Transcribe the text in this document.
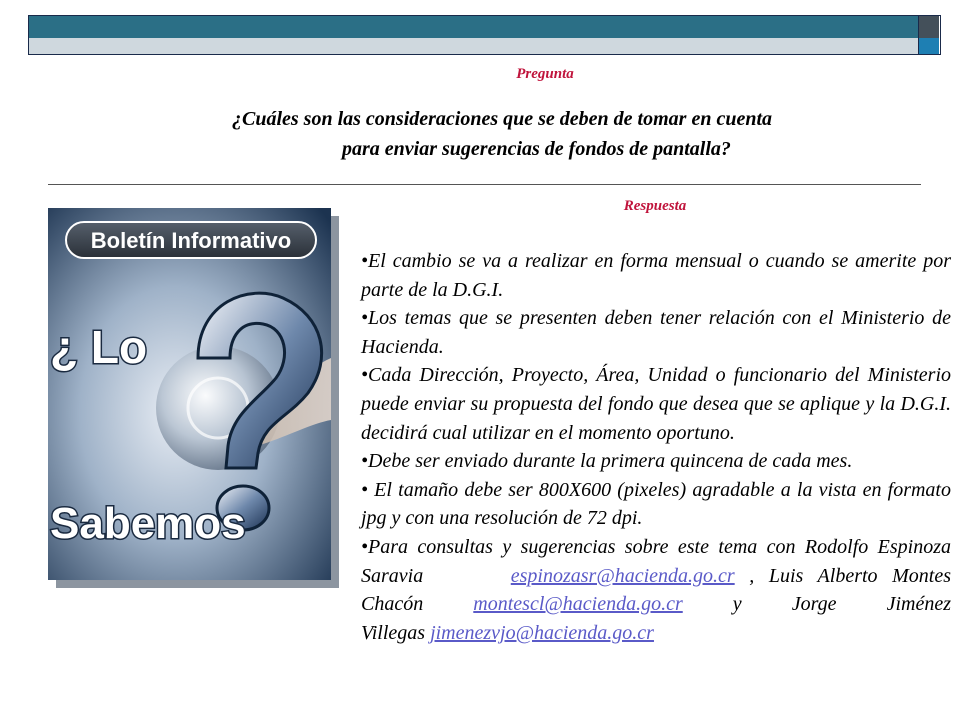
Pregunta
¿Cuáles son las consideraciones que se deben de tomar en cuenta
para enviar sugerencias de fondos de pantalla?
Respuesta
Boletín Informativo
¿ Lo
Sabemos

•El cambio se va a realizar en forma mensual o cuando se amerite por parte de la D.G.I.

•Los temas que se presenten deben tener relación con el Ministerio de Hacienda.

•Cada Dirección, Proyecto, Área, Unidad o funcionario del Ministerio puede enviar su propuesta del fondo que desea que se aplique y la D.G.I. decidirá cual utilizar en el momento oportuno.

•Debe ser enviado durante la primera quincena de cada mes.

• El tamaño debe ser 800X600 (pixeles) agradable a la vista en formato jpg y con una resolución de 72 dpi.

•Para consultas y sugerencias sobre este tema con Rodolfo Espinoza Saravia	espinozasr@hacienda.go.cr , Luis Alberto Montes Chacón	montescl@hacienda.go.cr y Jorge Jiménez Villegas jimenezvjo@hacienda.go.cr
